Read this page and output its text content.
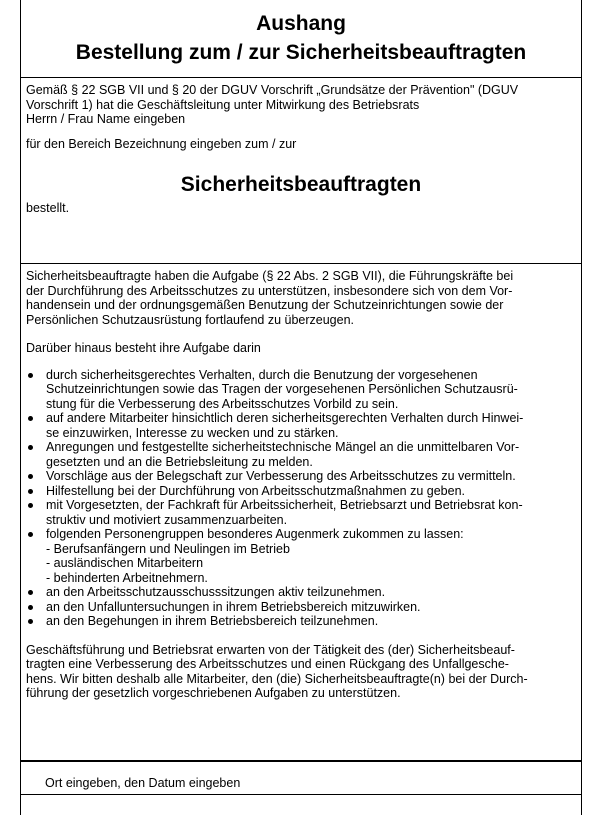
Aushang
Bestellung zum / zur Sicherheitsbeauftragten
Gemäß § 22 SGB VII und § 20 der DGUV Vorschrift „Grundsätze der Prävention" (DGUV
Vorschrift 1) hat die Geschäftsleitung unter Mitwirkung des Betriebsrats
Herrn / Frau Name eingeben
für den Bereich Bezeichnung eingeben zum / zur
Sicherheitsbeauftragten
bestellt.

Sicherheitsbeauftragte haben die Aufgabe (§ 22 Abs. 2 SGB VII), die Führungskräfte bei
der Durchführung des Arbeitsschutzes zu unterstützen, insbesondere sich von dem Vor-
handensein und der ordnungsgemäßen Benutzung der Schutzeinrichtungen sowie der
Persönlichen Schutzausrüstung fortlaufend zu überzeugen.

Darüber hinaus besteht ihre Aufgabe darin

durch sicherheitsgerechtes Verhalten, durch die Benutzung der vorgesehenen
Schutzeinrichtungen sowie das Tragen der vorgesehenen Persönlichen Schutzausrü-
stung für die Verbesserung des Arbeitsschutzes Vorbild zu sein.
auf andere Mitarbeiter hinsichtlich deren sicherheitsgerechten Verhalten durch Hinwei-
se einzuwirken, Interesse zu wecken und zu stärken.
Anregungen und festgestellte sicherheitstechnische Mängel an die unmittelbaren Vor-
gesetzten und an die Betriebsleitung zu melden.
Vorschläge aus der Belegschaft zur Verbesserung des Arbeitsschutzes zu vermitteln.
Hilfestellung bei der Durchführung von Arbeitsschutzmaßnahmen zu geben.
mit Vorgesetzten, der Fachkraft für Arbeitssicherheit, Betriebsarzt und Betriebsrat kon-
struktiv und motiviert zusammenzuarbeiten.
folgenden Personengruppen besonderes Augenmerk zukommen zu lassen:
- Berufsanfängern und Neulingen im Betrieb
- ausländischen Mitarbeitern
- behinderten Arbeitnehmern.
an den Arbeitsschutzausschusssitzungen aktiv teilzunehmen.
an den Unfalluntersuchungen in ihrem Betriebsbereich mitzuwirken.
an den Begehungen in ihrem Betriebsbereich teilzunehmen.

Geschäftsführung und Betriebsrat erwarten von der Tätigkeit des (der) Sicherheitsbeauf-
tragten eine Verbesserung des Arbeitsschutzes und einen Rückgang des Unfallgesche-
hens. Wir bitten deshalb alle Mitarbeiter, den (die) Sicherheitsbeauftragte(n) bei der Durch-
führung der gesetzlich vorgeschriebenen Aufgaben zu unterstützen.

Ort eingeben, den Datum eingeben
